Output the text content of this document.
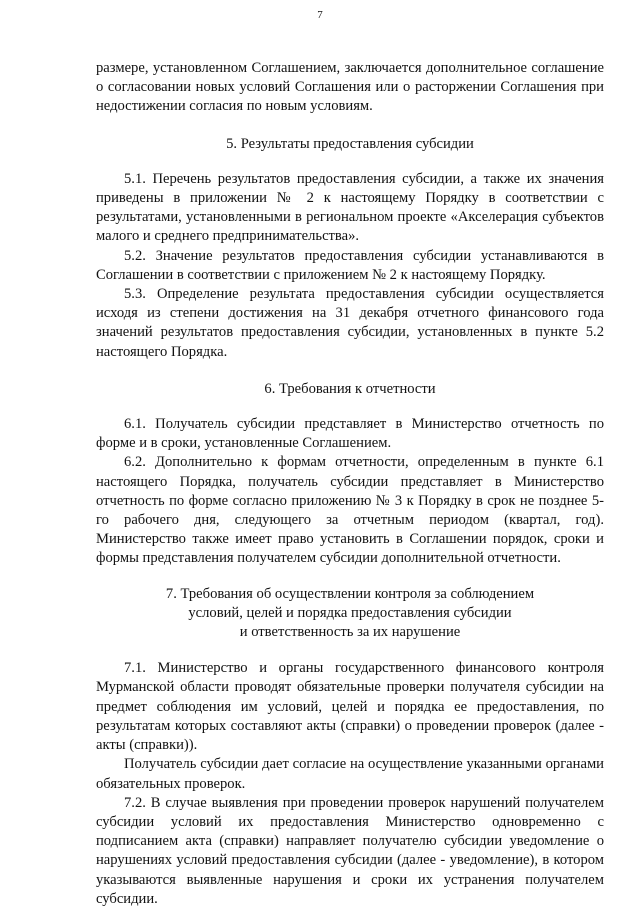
7

размере, установленном Соглашением, заключается дополнительное соглашение о согласовании новых условий Соглашения или о расторжении Соглашения при недостижении согласия по новым условиям.

5. Результаты предоставления субсидии

5.1. Перечень результатов предоставления субсидии, а также их значения приведены в приложении № 2 к настоящему Порядку в соответствии с результатами, установленными в региональном проекте «Акселерация субъектов малого и среднего предпринимательства».

5.2. Значение результатов предоставления субсидии устанавливаются в Соглашении в соответствии с приложением № 2 к настоящему Порядку.

5.3. Определение результата предоставления субсидии осуществляется исходя из степени достижения на 31 декабря отчетного финансового года значений результатов предоставления субсидии, установленных в пункте 5.2 настоящего Порядка.

6. Требования к отчетности

6.1. Получатель субсидии представляет в Министерство отчетность по форме и в сроки, установленные Соглашением.

6.2. Дополнительно к формам отчетности, определенным в пункте 6.1 настоящего Порядка, получатель субсидии представляет в Министерство отчетность по форме согласно приложению № 3 к Порядку в срок не позднее 5-го рабочего дня, следующего за отчетным периодом (квартал, год). Министерство также имеет право установить в Соглашении порядок, сроки и формы представления получателем субсидии дополнительной отчетности.

7. Требования об осуществлении контроля за соблюдением

условий, целей и порядка предоставления субсидии

и ответственность за их нарушение

7.1. Министерство и органы государственного финансового контроля Мурманской области проводят обязательные проверки получателя субсидии на предмет соблюдения им условий, целей и порядка ее предоставления, по результатам которых составляют акты (справки) о проведении проверок (далее - акты (справки)).

Получатель субсидии дает согласие на осуществление указанными органами обязательных проверок.

7.2. В случае выявления при проведении проверок нарушений получателем субсидии условий их предоставления Министерство одновременно с подписанием акта (справки) направляет получателю субсидии уведомление о нарушениях условий предоставления субсидии (далее - уведомление), в котором указываются выявленные нарушения и сроки их устранения получателем субсидии.
